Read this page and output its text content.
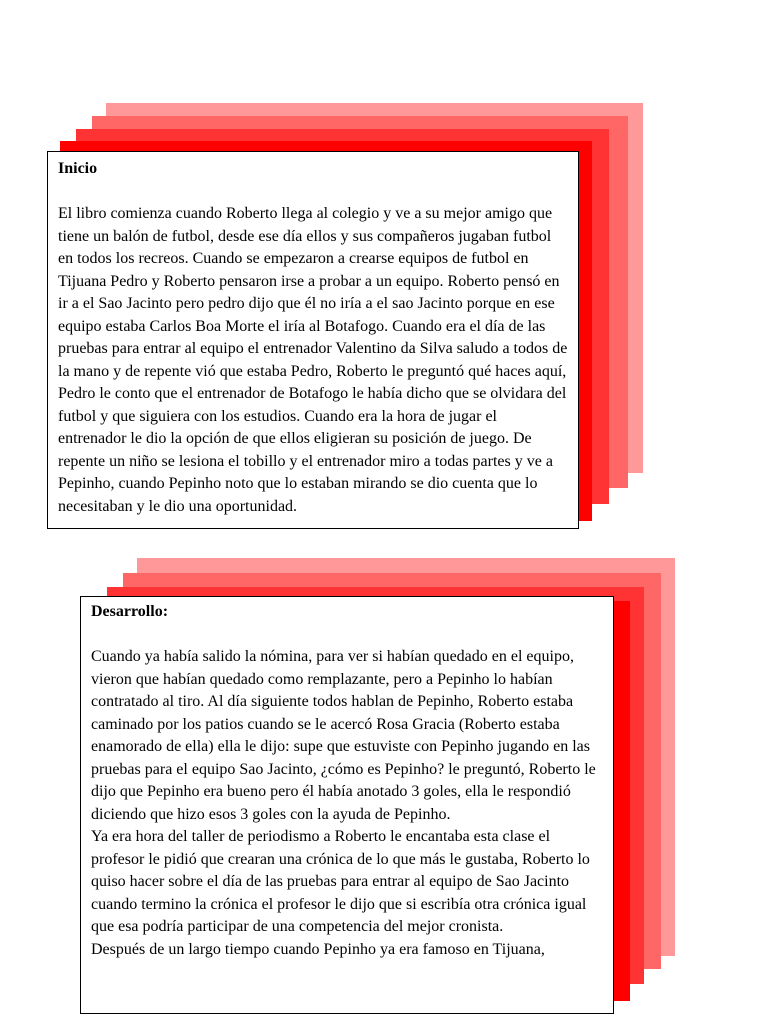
Inicio

El libro comienza cuando Roberto llega al colegio y ve a su mejor amigo que tiene un balón de futbol, desde ese día ellos y sus compañeros jugaban futbol en todos los recreos. Cuando se empezaron a crearse equipos de futbol en Tijuana Pedro y Roberto pensaron irse a probar a un equipo. Roberto pensó en ir a el Sao Jacinto pero pedro dijo que él no iría a el sao Jacinto porque en ese equipo estaba Carlos Boa Morte el iría al Botafogo. Cuando era el día de las pruebas para entrar al equipo el entrenador Valentino da Silva saludo a todos de la mano y de repente vió que estaba Pedro, Roberto le preguntó qué haces aquí, Pedro le conto que el entrenador de Botafogo le había dicho que se olvidara del futbol y que siguiera con los estudios. Cuando era la hora de jugar el entrenador le dio la opción de que ellos eligieran su posición de juego. De repente un niño se lesiona el tobillo y el entrenador miro a todas partes y ve a Pepinho, cuando Pepinho noto que lo estaban mirando se dio cuenta que lo necesitaban y le dio una oportunidad.

Desarrollo:

Cuando ya había salido la nómina, para ver si habían quedado en el equipo, vieron que habían quedado como remplazante, pero a Pepinho lo habían contratado al tiro. Al día siguiente todos hablan de Pepinho, Roberto estaba caminado por los patios cuando se le acercó Rosa Gracia (Roberto estaba enamorado de ella) ella le dijo: supe que estuviste con Pepinho jugando en las pruebas para el equipo Sao Jacinto, ¿cómo es Pepinho? le preguntó, Roberto le dijo que Pepinho era bueno pero él había anotado 3 goles, ella le respondió diciendo que hizo esos 3 goles con la ayuda de Pepinho.

Ya era hora del taller de periodismo a Roberto le encantaba esta clase el profesor le pidió que crearan una crónica de lo que más le gustaba, Roberto lo quiso hacer sobre el día de las pruebas para entrar al equipo de Sao Jacinto cuando termino la crónica el profesor le dijo que si escribía otra crónica igual que esa podría participar de una competencia del mejor cronista.

Después de un largo tiempo cuando Pepinho ya era famoso en Tijuana,
